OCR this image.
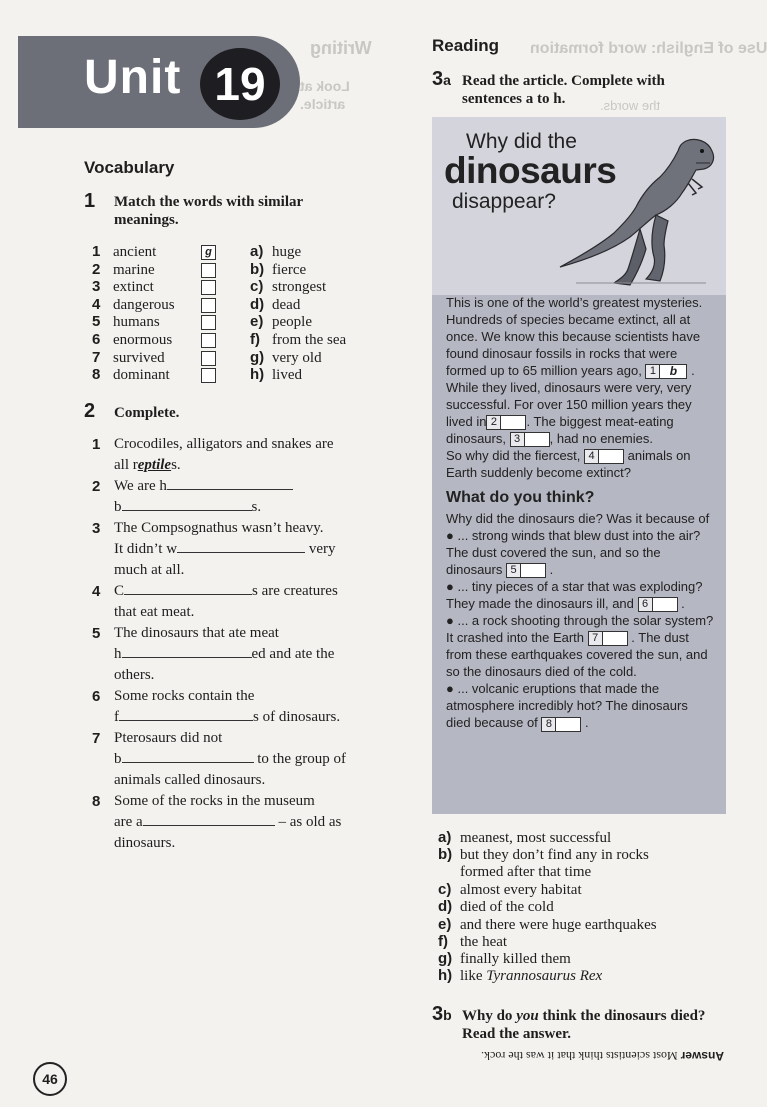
Writing	Use of English: word formation
Look at
article.	the words.
Unit 19
Vocabulary
1 Match the words with similar meanings.
1 ancient	g	a) huge
2 marine	b) fierce
3 extinct	c) strongest
4 dangerous	d) dead
5 humans	e) people
6 enormous	f) from the sea
7 survived	g) very old
8 dominant	h) lived
2 Complete.
1 Crocodiles, alligators and snakes are
all reptiles.
2 We are h
b	s.
3 The Compsognathus wasn’t heavy.
It didn’t w	very
much at all.
4 C	s are creatures
that eat meat.
5 The dinosaurs that ate meat
h	ed and ate the
others.
6 Some rocks contain the
f	s of dinosaurs.
7 Pterosaurs did not
b	to the group of
animals called dinosaurs.
8 Some of the rocks in the museum
are a	– as old as
dinosaurs.
Reading
3a Read the article. Complete with sentences a to h.
Why did the
dinosaurs
disappear?
This is one of the world’s greatest mysteries. Hundreds of species became extinct, all at once. We know this because scientists have found dinosaur fossils in rocks that were formed up to 65 million years ago, 1 b .
While they lived, dinosaurs were very, very successful. For over 150 million years they lived in 2 . The biggest meat-eating dinosaurs, 3 , had no enemies.
So why did the fiercest, 4	animals on Earth suddenly become extinct?
What do you think?
Why did the dinosaurs die? Was it because of
● ... strong winds that blew dust into the air? The dust covered the sun, and so the dinosaurs 5 .
● ... tiny pieces of a star that was exploding? They made the dinosaurs ill, and 6 .
● ... a rock shooting through the solar system? It crashed into the Earth 7 . The dust from these earthquakes covered the sun, and so the dinosaurs died of the cold.
● ... volcanic eruptions that made the atmosphere incredibly hot? The dinosaurs died because of 8 .
a) meanest, most successful
b) but they don’t find any in rocks
formed after that time
c) almost every habitat
d) died of the cold
e) and there were huge earthquakes
f) the heat
g) finally killed them
h) like Tyrannosaurus Rex
3b Why do you think the dinosaurs died? Read the answer.
Answer Most scientists think that it was the rock.
46
